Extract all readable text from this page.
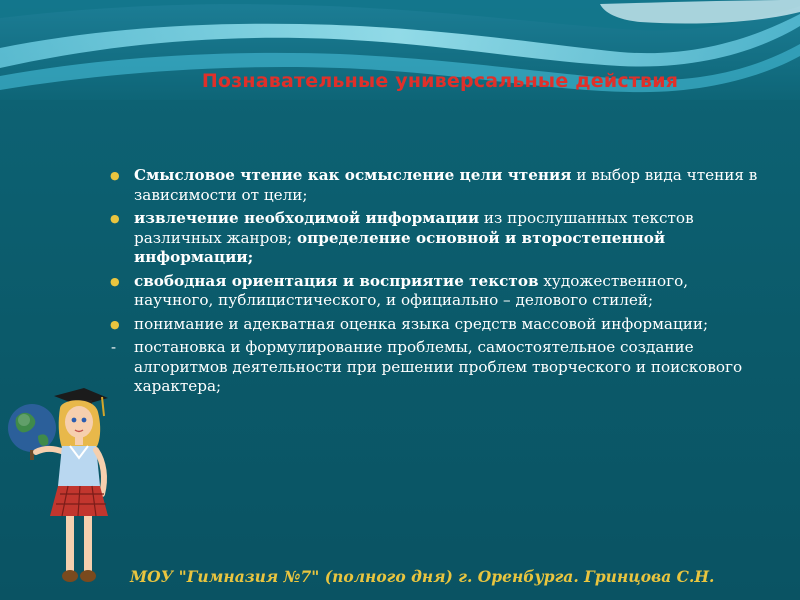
Познавательные универсальные действия
● Смысловое чтение как осмысление цели чтения и выбор вида чтения в зависимости от цели;
● извлечение необходимой информации из прослушанных текстов различных жанров; определение основной и второстепенной информации;
● свободная ориентация и восприятие текстов художественного, научного, публицистического, и официально – делового стилей;
● понимание и адекватная оценка языка средств массовой информации;
- постановка и формулирование проблемы, самостоятельное создание алгоритмов деятельности при решении проблем творческого и поискового характера;

МОУ "Гимназия №7" (полного дня) г. Оренбурга. Гринцова С.Н.
